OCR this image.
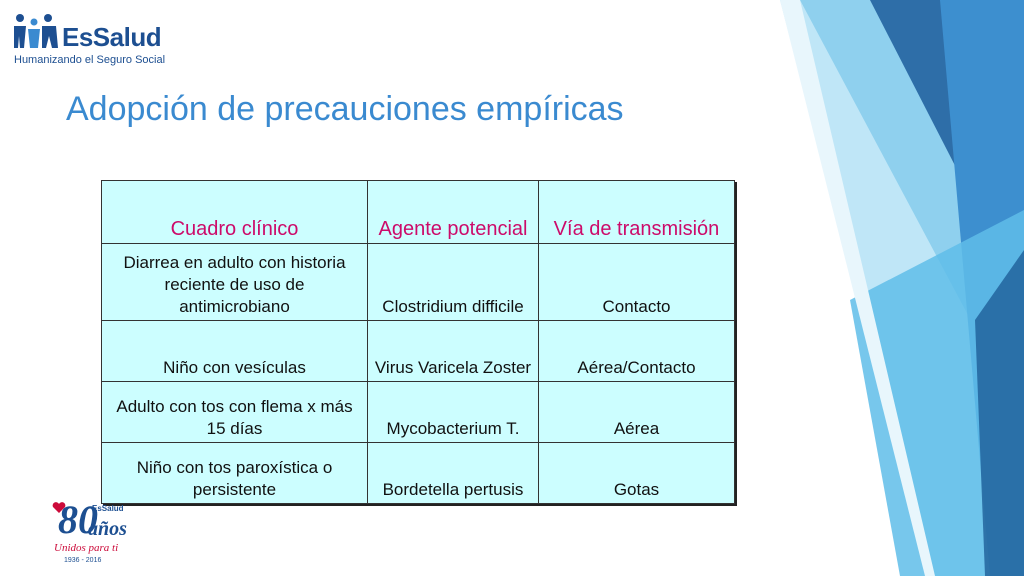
EsSalud
Humanizando el Seguro Social
Adopción de precauciones empíricas
Cuadro clínico	Agente potencial	Vía de transmisión
Diarrea en adulto con historia reciente de uso de antimicrobiano	Clostridium difficile	Contacto
Niño con vesículas	Virus Varicela Zoster	Aérea/Contacto
Adulto con tos con flema x más 15 días	Mycobacterium T.	Aérea
Niño con tos paroxística o persistente	Bordetella pertusis	Gotas
80
EsSalud
años
Unidos para ti
1936 - 2016
